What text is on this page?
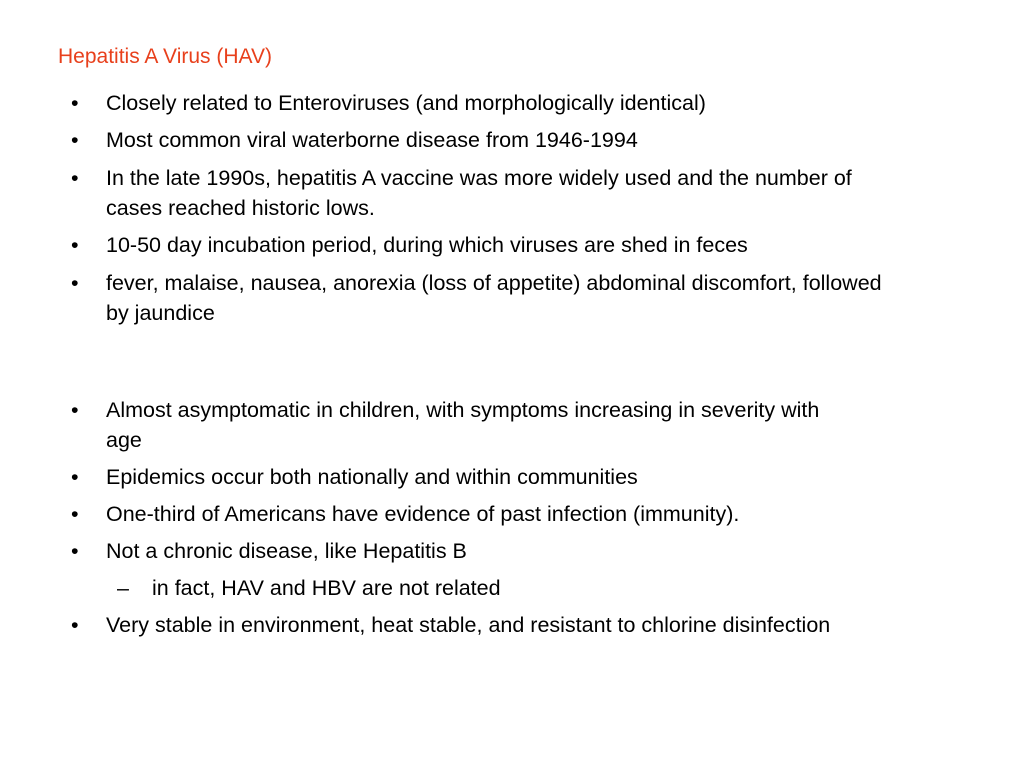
Hepatitis A Virus (HAV)
• Closely related to Enteroviruses (and morphologically identical)
• Most common viral waterborne disease from 1946-1994
• In the late 1990s, hepatitis A vaccine was more widely used and the number of
cases reached historic lows.
• 10-50 day incubation period, during which viruses are shed in feces
• fever, malaise, nausea, anorexia (loss of appetite) abdominal discomfort, followed
by jaundice
• Almost asymptomatic in children, with symptoms increasing in severity with
age
• Epidemics occur both nationally and within communities
• One-third of Americans have evidence of past infection (immunity).
• Not a chronic disease, like Hepatitis B
– in fact, HAV and HBV are not related
• Very stable in environment, heat stable, and resistant to chlorine disinfection
